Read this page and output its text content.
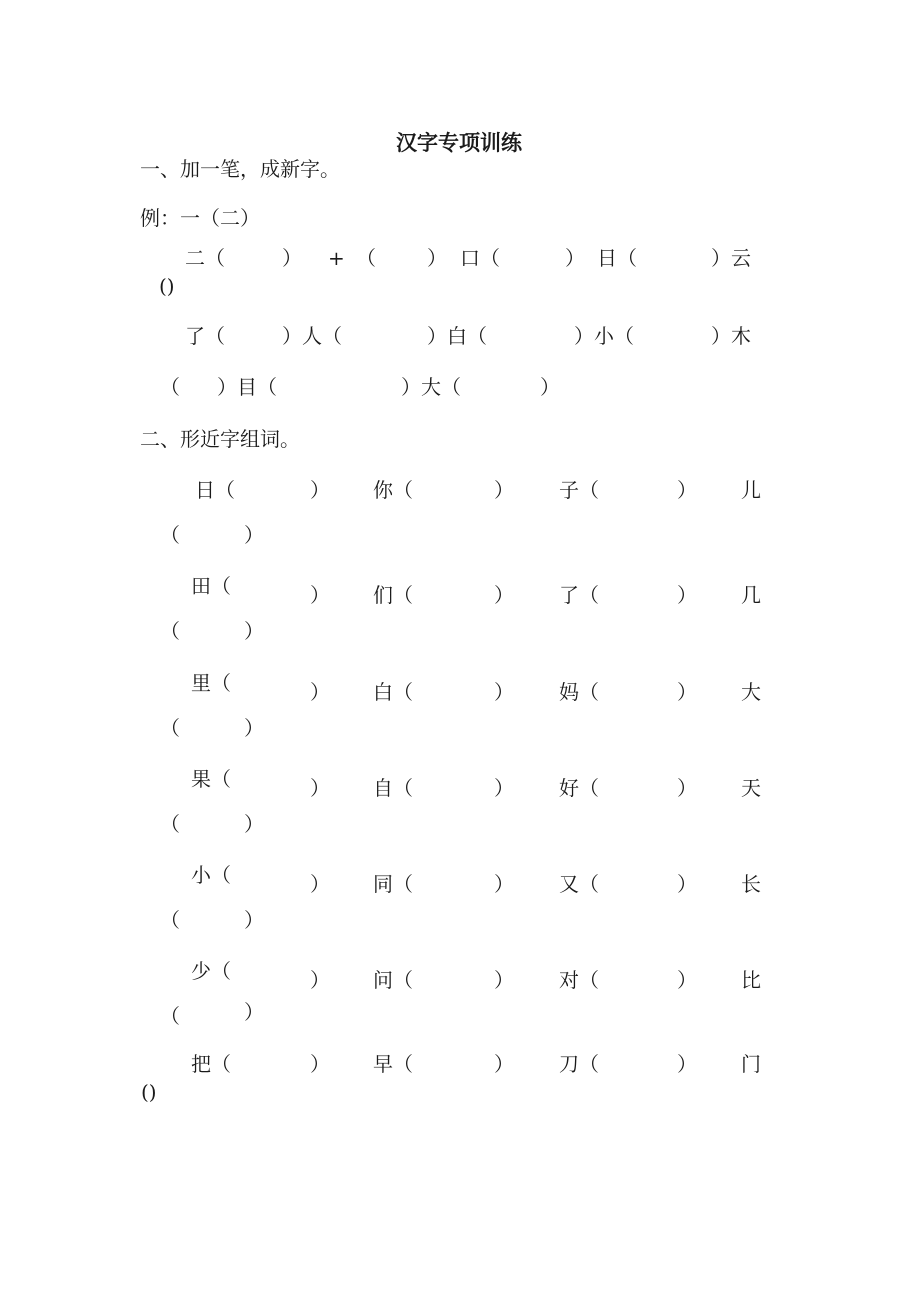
汉字专项训练
一、加一笔，成新字。
例：一（二）
二（	） + （	） 口（	） 日（	）云
()
了（	）人（	）白（	）小（	）木
（ ）目（	）大（	）
二、形近字组词。
日（	） 你（	） 子（	） 儿
（	）
田（	） 们（	） 了（	） 几
（	）
里（	） 白（	） 妈（	） 大
（	）
果（	） 自（	） 好（	） 天
（	）
小（	） 同（	） 又（	） 长
（	）
少（	） 问（	） 对（	） 比
（	）
把（	） 早（	） 刀（	） 门
()
